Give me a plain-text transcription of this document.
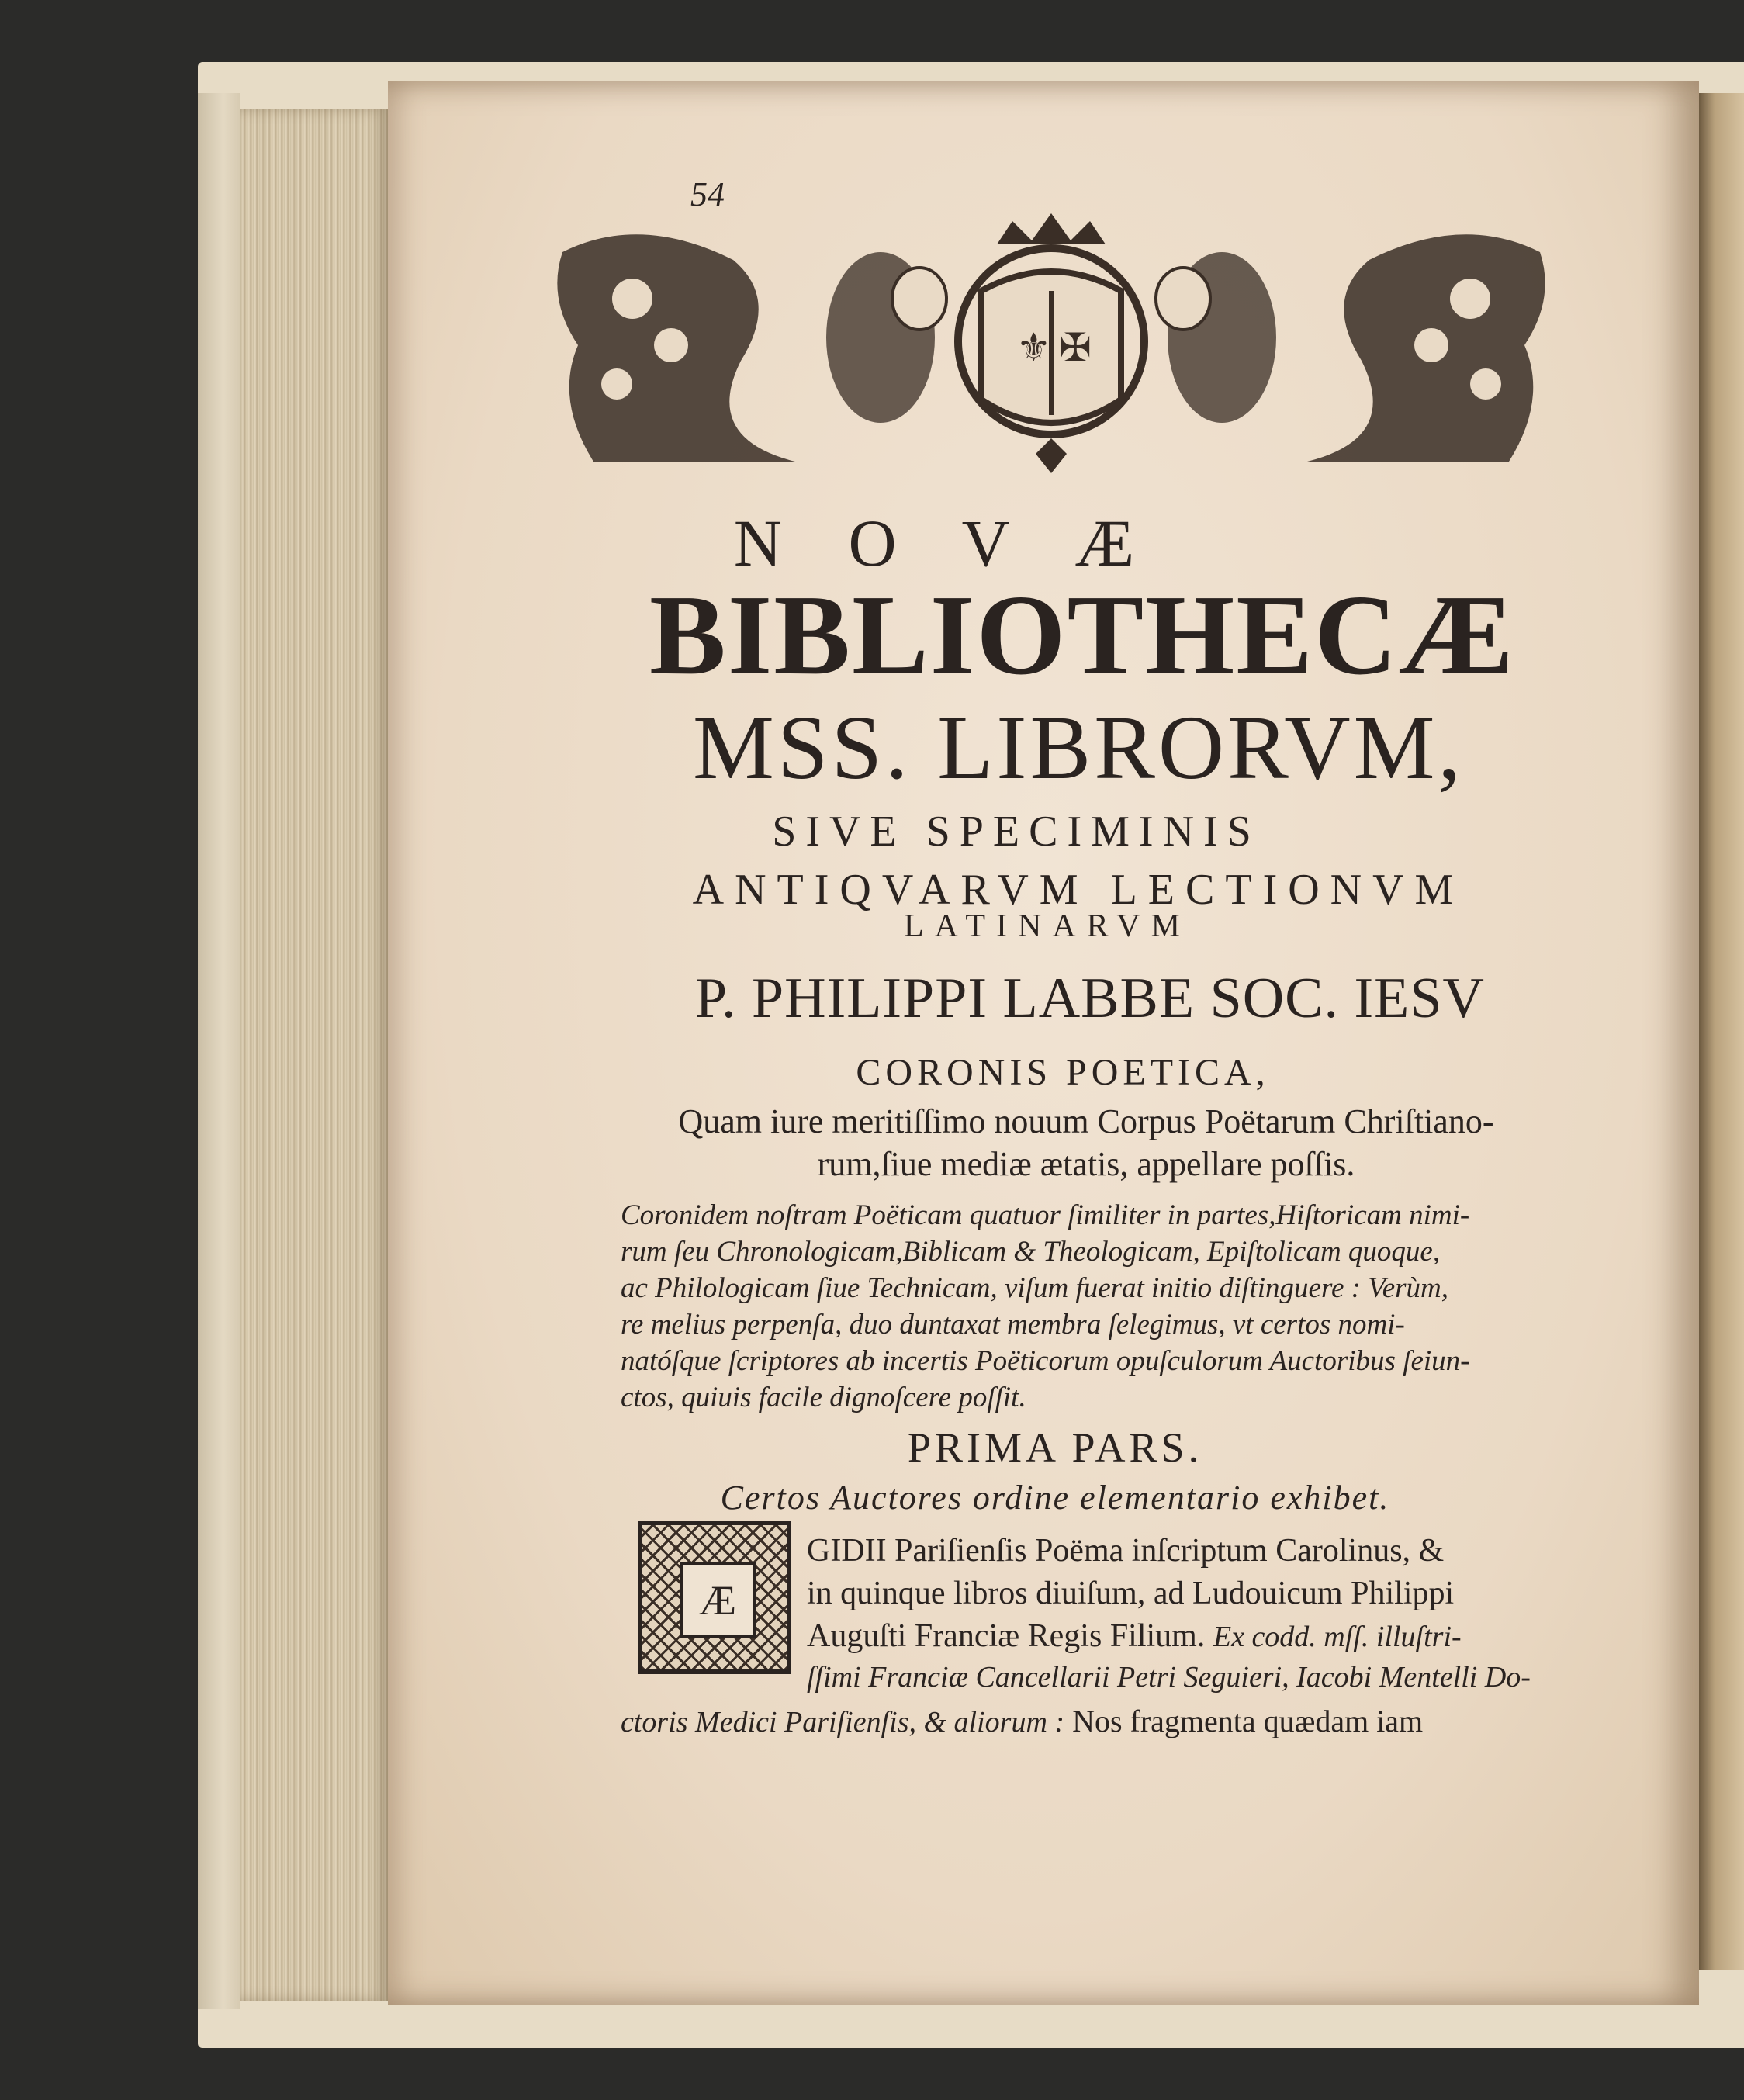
54
⚜ ✠
N O V Æ
BIBLIOTHECÆ
MSS. LIBRORVM,
SIVE SPECIMINIS
ANTIQVARVM LECTIONVM
LATINARVM
P. PHILIPPI LABBE SOC. IESV
CORONIS POETICA,
Quam iure meritiſſimo nouum Corpus Poëtarum Chriſtiano-
rum,ſiue mediæ ætatis, appellare poſſis.
Coronidem noſtram Poëticam quatuor ſimiliter in partes,Hiſtoricam nimi-
rum ſeu Chronologicam,Biblicam & Theologicam, Epiſtolicam quoque,
ac Philologicam ſiue Technicam, viſum fuerat initio diſtinguere : Verùm,
re melius perpenſa, duo duntaxat membra ſelegimus, vt certos nomi-
natóſque ſcriptores ab incertis Poëticorum opuſculorum Auctoribus ſeiun-
ctos, quiuis facile dignoſcere poſſit.
PRIMA PARS.
Certos Auctores ordine elementario exhibet.
Æ
GIDII Pariſienſis Poëma inſcriptum Carolinus, &
in quinque libros diuiſum, ad Ludouicum Philippi
Auguſti Franciæ Regis Filium. Ex codd. mſſ. illuſtri-
ſſimi Franciæ Cancellarii Petri Seguieri, Iacobi Mentelli Do-
ctoris Medici Pariſienſis, & aliorum : Nos fragmenta quædam iam
